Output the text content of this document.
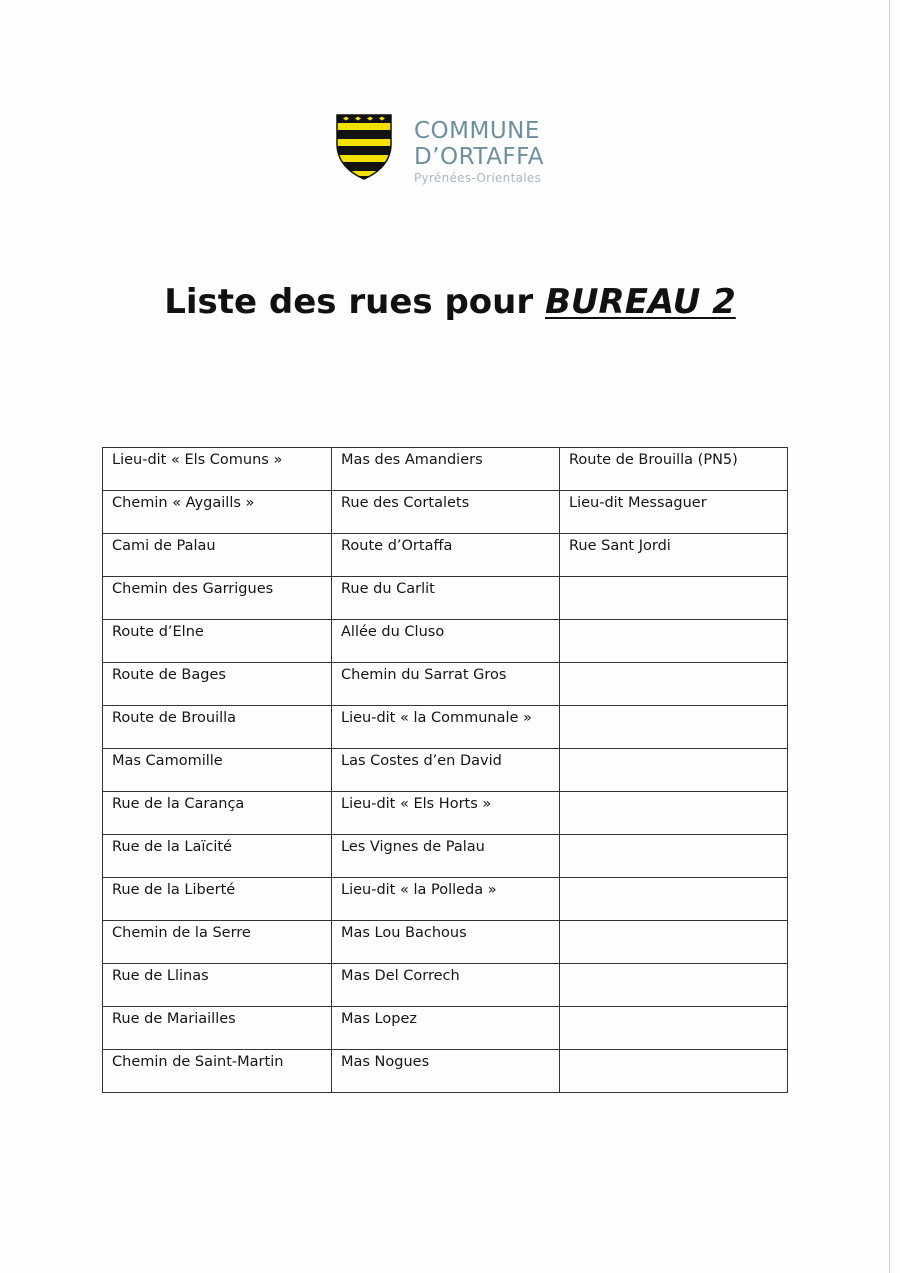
COMMUNE
D’ORTAFFA
Pyrénées-Orientales
Liste des rues pour BUREAU 2
Lieu-dit « Els Comuns »	Mas des Amandiers	Route de Brouilla (PN5)
Chemin « Aygaills »	Rue des Cortalets	Lieu-dit Messaguer
Cami de Palau	Route d’Ortaffa	Rue Sant Jordi
Chemin des Garrigues	Rue du Carlit	
Route d’Elne	Allée du Cluso	
Route de Bages	Chemin du Sarrat Gros	
Route de Brouilla	Lieu-dit « la Communale »	
Mas Camomille	Las Costes d’en David	
Rue de la Carança	Lieu-dit « Els Horts »	
Rue de la Laïcité	Les Vignes de Palau	
Rue de la Liberté	Lieu-dit « la Polleda »	
Chemin de la Serre	Mas Lou Bachous	
Rue de Llinas	Mas Del Correch	
Rue de Mariailles	Mas Lopez	
Chemin de Saint-Martin	Mas Nogues	
